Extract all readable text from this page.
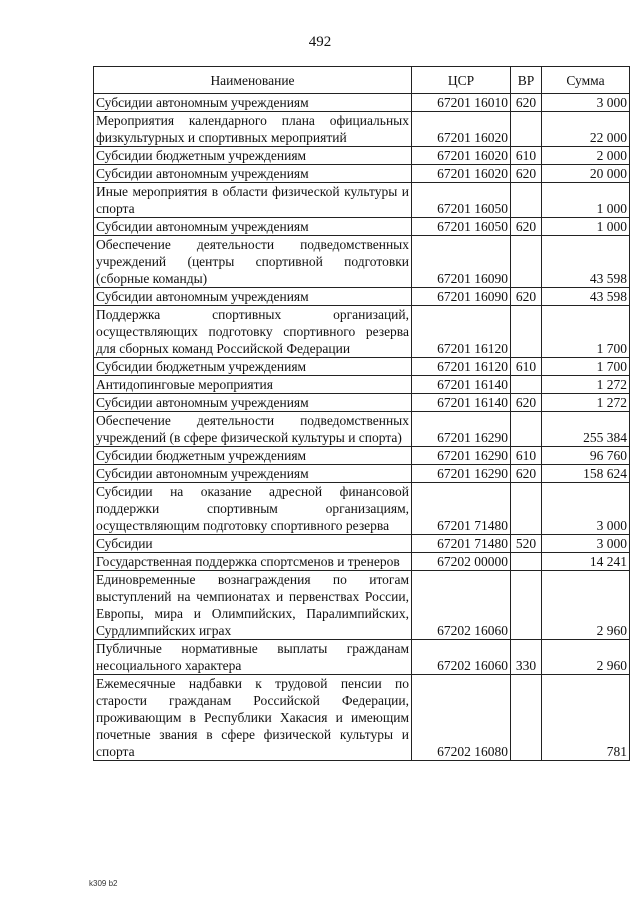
492
Наименование	ЦСР	ВР	Сумма
Субсидии автономным учреждениям	67201 16010	620	3 000
Мероприятия календарного плана официальных физкультурных и спортивных мероприятий	67201 16020		22 000
Субсидии бюджетным учреждениям	67201 16020	610	2 000
Субсидии автономным учреждениям	67201 16020	620	20 000
Иные мероприятия в области физической культуры и спорта	67201 16050		1 000
Субсидии автономным учреждениям	67201 16050	620	1 000
Обеспечение деятельности подведомственных учреждений (центры спортивной подготовки (сборные команды)	67201 16090		43 598
Субсидии автономным учреждениям	67201 16090	620	43 598
Поддержка спортивных организаций, осуществляющих подготовку спортивного резерва для сборных команд Российской Федерации	67201 16120		1 700
Субсидии бюджетным учреждениям	67201 16120	610	1 700
Антидопинговые мероприятия	67201 16140		1 272
Субсидии автономным учреждениям	67201 16140	620	1 272
Обеспечение деятельности подведомственных учреждений (в сфере физической культуры и спорта)	67201 16290		255 384
Субсидии бюджетным учреждениям	67201 16290	610	96 760
Субсидии автономным учреждениям	67201 16290	620	158 624
Субсидии на оказание адресной финансовой поддержки спортивным организациям, осуществляющим подготовку спортивного резерва	67201 71480		3 000
Субсидии	67201 71480	520	3 000
Государственная поддержка спортсменов и тренеров	67202 00000		14 241
Единовременные вознаграждения по итогам выступлений на чемпионатах и первенствах России, Европы, мира и Олимпийских, Паралимпийских, Сурдлимпийских играх	67202 16060		2 960
Публичные нормативные выплаты гражданам несоциального характера	67202 16060	330	2 960
Ежемесячные надбавки к трудовой пенсии по старости гражданам Российской Федерации, проживающим в Республики Хакасия и имеющим почетные звания в сфере физической культуры и спорта	67202 16080		781
k309 b2
